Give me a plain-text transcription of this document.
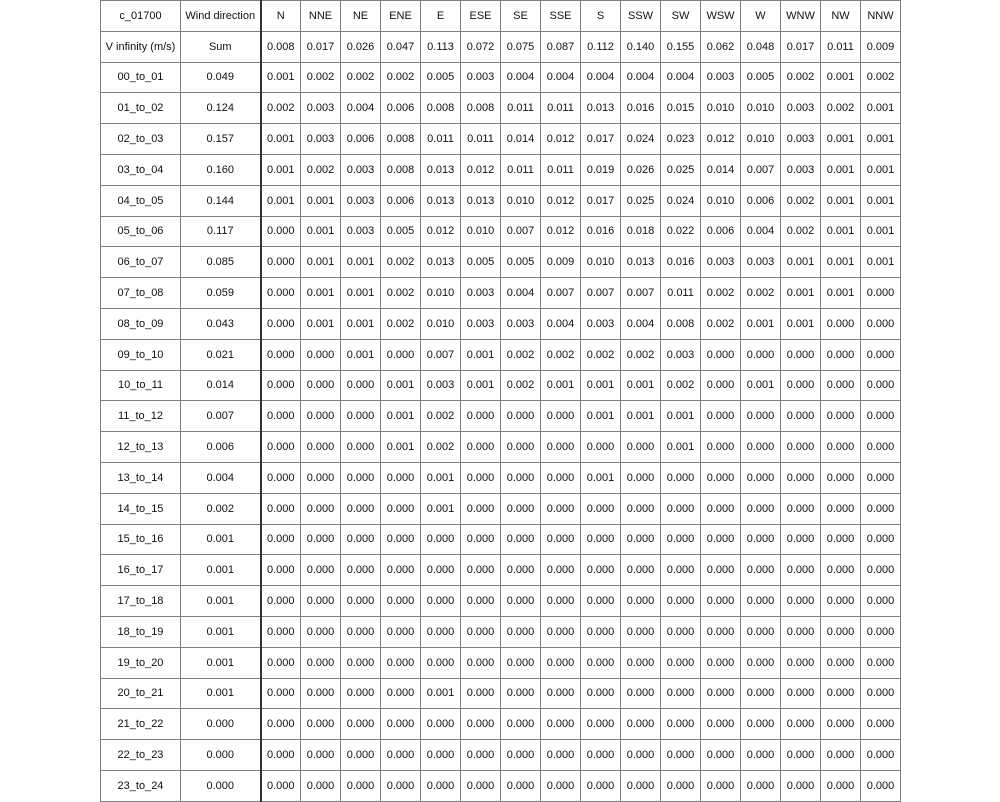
c_01700	Wind direction	N	NNE	NE	ENE	E	ESE	SE	SSE	S	SSW	SW	WSW	W	WNW	NW	NNW
V infinity (m/s)	Sum	0.008	0.017	0.026	0.047	0.113	0.072	0.075	0.087	0.112	0.140	0.155	0.062	0.048	0.017	0.011	0.009
00_to_01	0.049	0.001	0.002	0.002	0.002	0.005	0.003	0.004	0.004	0.004	0.004	0.004	0.003	0.005	0.002	0.001	0.002
01_to_02	0.124	0.002	0.003	0.004	0.006	0.008	0.008	0.011	0.011	0.013	0.016	0.015	0.010	0.010	0.003	0.002	0.001
02_to_03	0.157	0.001	0.003	0.006	0.008	0.011	0.011	0.014	0.012	0.017	0.024	0.023	0.012	0.010	0.003	0.001	0.001
03_to_04	0.160	0.001	0.002	0.003	0.008	0.013	0.012	0.011	0.011	0.019	0.026	0.025	0.014	0.007	0.003	0.001	0.001
04_to_05	0.144	0.001	0.001	0.003	0.006	0.013	0.013	0.010	0.012	0.017	0.025	0.024	0.010	0.006	0.002	0.001	0.001
05_to_06	0.117	0.000	0.001	0.003	0.005	0.012	0.010	0.007	0.012	0.016	0.018	0.022	0.006	0.004	0.002	0.001	0.001
06_to_07	0.085	0.000	0.001	0.001	0.002	0.013	0.005	0.005	0.009	0.010	0.013	0.016	0.003	0.003	0.001	0.001	0.001
07_to_08	0.059	0.000	0.001	0.001	0.002	0.010	0.003	0.004	0.007	0.007	0.007	0.011	0.002	0.002	0.001	0.001	0.000
08_to_09	0.043	0.000	0.001	0.001	0.002	0.010	0.003	0.003	0.004	0.003	0.004	0.008	0.002	0.001	0.001	0.000	0.000
09_to_10	0.021	0.000	0.000	0.001	0.000	0.007	0.001	0.002	0.002	0.002	0.002	0.003	0.000	0.000	0.000	0.000	0.000
10_to_11	0.014	0.000	0.000	0.000	0.001	0.003	0.001	0.002	0.001	0.001	0.001	0.002	0.000	0.001	0.000	0.000	0.000
11_to_12	0.007	0.000	0.000	0.000	0.001	0.002	0.000	0.000	0.000	0.001	0.001	0.001	0.000	0.000	0.000	0.000	0.000
12_to_13	0.006	0.000	0.000	0.000	0.001	0.002	0.000	0.000	0.000	0.000	0.000	0.001	0.000	0.000	0.000	0.000	0.000
13_to_14	0.004	0.000	0.000	0.000	0.000	0.001	0.000	0.000	0.000	0.001	0.000	0.000	0.000	0.000	0.000	0.000	0.000
14_to_15	0.002	0.000	0.000	0.000	0.000	0.001	0.000	0.000	0.000	0.000	0.000	0.000	0.000	0.000	0.000	0.000	0.000
15_to_16	0.001	0.000	0.000	0.000	0.000	0.000	0.000	0.000	0.000	0.000	0.000	0.000	0.000	0.000	0.000	0.000	0.000
16_to_17	0.001	0.000	0.000	0.000	0.000	0.000	0.000	0.000	0.000	0.000	0.000	0.000	0.000	0.000	0.000	0.000	0.000
17_to_18	0.001	0.000	0.000	0.000	0.000	0.000	0.000	0.000	0.000	0.000	0.000	0.000	0.000	0.000	0.000	0.000	0.000
18_to_19	0.001	0.000	0.000	0.000	0.000	0.000	0.000	0.000	0.000	0.000	0.000	0.000	0.000	0.000	0.000	0.000	0.000
19_to_20	0.001	0.000	0.000	0.000	0.000	0.000	0.000	0.000	0.000	0.000	0.000	0.000	0.000	0.000	0.000	0.000	0.000
20_to_21	0.001	0.000	0.000	0.000	0.000	0.001	0.000	0.000	0.000	0.000	0.000	0.000	0.000	0.000	0.000	0.000	0.000
21_to_22	0.000	0.000	0.000	0.000	0.000	0.000	0.000	0.000	0.000	0.000	0.000	0.000	0.000	0.000	0.000	0.000	0.000
22_to_23	0.000	0.000	0.000	0.000	0.000	0.000	0.000	0.000	0.000	0.000	0.000	0.000	0.000	0.000	0.000	0.000	0.000
23_to_24	0.000	0.000	0.000	0.000	0.000	0.000	0.000	0.000	0.000	0.000	0.000	0.000	0.000	0.000	0.000	0.000	0.000
